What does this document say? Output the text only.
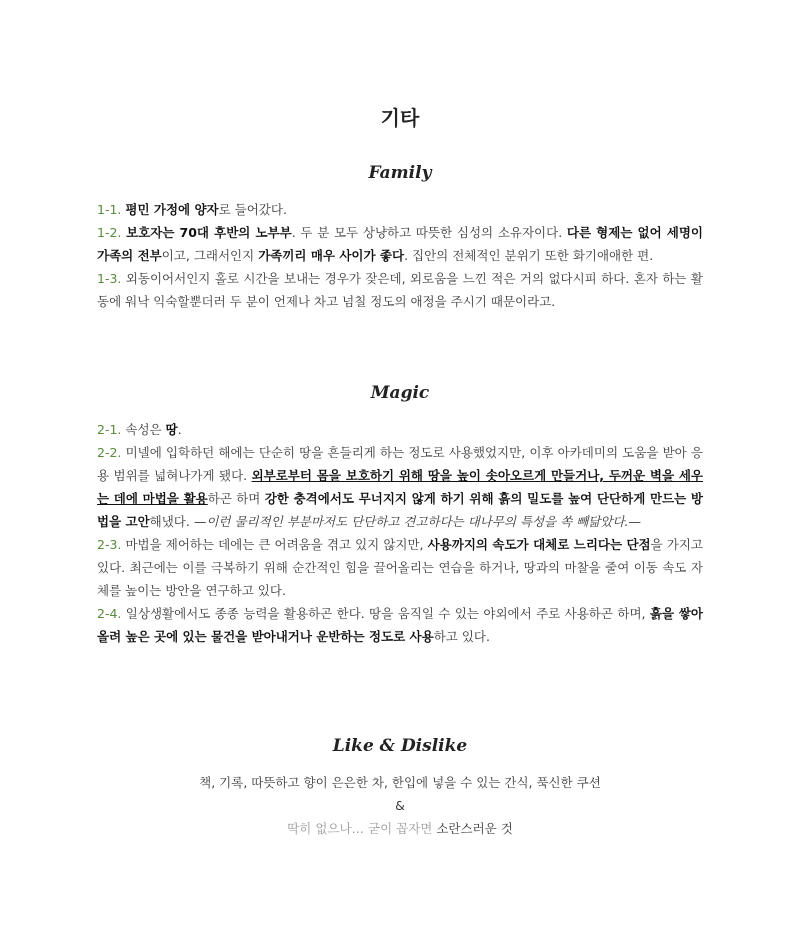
기타
Family

1-1. 평민 가정에 양자로 들어갔다.

1-2. 보호자는 70대 후반의 노부부. 두 분 모두 상냥하고 따뜻한 심성의 소유자이다. 다른 형제는 없어 세명이 가족의 전부이고, 그래서인지 가족끼리 매우 사이가 좋다. 집안의 전체적인 분위기 또한 화기애애한 편.

1-3. 외동이어서인지 홀로 시간을 보내는 경우가 잦은데, 외로움을 느낀 적은 거의 없다시피 하다. 혼자 하는 활동에 워낙 익숙할뿐더러 두 분이 언제나 차고 넘칠 정도의 애정을 주시기 때문이라고.

Magic

2-1. 속성은 땅.

2-2. 미넬에 입학하던 해에는 단순히 땅을 흔들리게 하는 정도로 사용했었지만, 이후 아카데미의 도움을 받아 응용 범위를 넓혀나가게 됐다. 외부로부터 몸을 보호하기 위해 땅을 높이 솟아오르게 만들거나, 두꺼운 벽을 세우는 데에 마법을 활용하곤 하며 강한 충격에서도 무너지지 않게 하기 위해 흙의 밀도를 높여 단단하게 만드는 방법을 고안해냈다. —이런 물리적인 부분마저도 단단하고 견고하다는 대나무의 특성을 쏙 빼닮았다.—

2-3. 마법을 제어하는 데에는 큰 어려움을 겪고 있지 않지만, 사용까지의 속도가 대체로 느리다는 단점을 가지고 있다. 최근에는 이를 극복하기 위해 순간적인 힘을 끌어올리는 연습을 하거나, 땅과의 마찰을 줄여 이동 속도 자체를 높이는 방안을 연구하고 있다.

2-4. 일상생활에서도 종종 능력을 활용하곤 한다. 땅을 움직일 수 있는 야외에서 주로 사용하곤 하며, 흙을 쌓아 올려 높은 곳에 있는 물건을 받아내거나 운반하는 정도로 사용하고 있다.

Like & Dislike
책, 기록, 따뜻하고 향이 은은한 차, 한입에 넣을 수 있는 간식, 푹신한 쿠션
&
딱히 없으나… 굳이 꼽자면 소란스러운 것
